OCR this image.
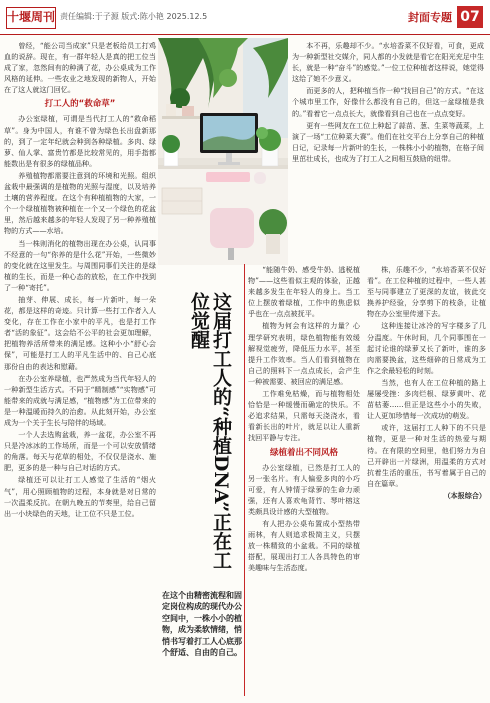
十堰周刊 责任编辑:于子源 版式:陈小艳 2025.12.5	封面专题 07

曾经，“能公司当成家”只是老板给员工打鸡血的说辞。现在，有一群年轻人是真的把工位当成了家，忽然间有的种满了花，办公桌成为工作风格的延伸。一些农业之地发现的新物人，开始在了这人就这门回忆。

打工人的“救命草”

办公室绿植，可谓是当代打工人的“救命稻草”。身为中国人，有谁不曾为绿色长出盘新那的，到了一定年纪就会种到各种绿植。多肉、绿萝、仙人掌、富贵竹都是比较常见的，用手指都能数出是有很多的绿植品种。

养殖植物都需要注意到的环境和光照。组织盆栽中最强调的是植物的光照与湿度，以及培养土壤的营养程度。在这个有种植植物的大家，一个一个绿植植物被种植在一个又一个绿色的花盆里，然后越来越多的年轻人发现了另一种养殖植物的方式——水培。

当一株则消化的植物出现在办公桌，认同事不经意的一句“你养的是什么花”开始，一些微妙的变化就在这里发生。与周围同事们关注的是绿植的生长，而是一种心态的放松，在工作中找到了一种“寄托”。

抽芽、伸展、成长，每一片新叶，每一朵花，都是这样的奇迹。只计算一些打工作者入人变化，存在工作在小家中的平凡，也是打工作者“活的象征”。这会给不公平的社会更加理解，把植物养活所带来的满足感。这种小小“舒心会保”，可能是打工人的平凡生活中的、自己心底那份自由的表达和慰藉。

在办公室养绿植，也严然成为当代年轻人的一种新型生活方式。不同于“精制感”“实物感”可能带来的成就与满足感，“植物感”为工位带来的是一种温暖而持久的治愈。从此刻开始，办公室成为一个关于生长与陪伴的场域。

一个人去选购盆栽，养一盆花，办公室不再只是冷冰冰的工作场所，而是一个可以安放情绪的角落。每天与花草的相处，不仅仅是浇水、施肥，更多的是一种与自己对话的方式。

绿植还可以让打工人感觉了生活的“烟火气”，用心照顾植物的过程，本身就是对日常的一次温柔反抗。在朝九晚五的节奏里，给自己留出一小块绿色的天地，让工位不只是工位。

本不再，乐趣却不少。“水培香菜不仅好看，可食，更成为一种新型社交媒介，同人都的小发就是看它在阳光充足中生长，就是一种“奋斗”的感觉。”一位工位种植者这样说，她觉得这给了她不少意义。

而更多的人，把种植当作一种“找回自己”的方式。“在这个城市里工作，好像什么都没有自己的，但这一盆绿植是我的。”看着它一点点长大，就像看到自己也在一点点变好。

更有一些网友在工位上种起了蒜苗、葱、生菜等蔬菜，上演了一场“工位种菜大赛”。他们在社交平台上分享自己的种植日记，记录每一片新叶的生长，一株株小小的植物，在格子间里茁壮成长，也成为了打工人之间相互鼓励的纽带。

这届打工人的“种植DNA”正在工位觉醒
在这个由精密流程和固定岗位构成的现代办公空间中，一株小小的植物，成为柔软情绪，悄悄书写着打工人心底那个舒适、自由的自己。

“能随牛奶、感受牛奶、逃税植物”——这些看似主观的体验，正越来越多发生在年轻人的身上。当工位上摆放着绿植，工作中的焦虑似乎也在一点点被抚平。

植物为何会有这样的力量？心理学研究表明，绿色植物能有效缓解视觉疲劳，降低压力水平，甚至提升工作效率。当人们看到植物在自己的照料下一点点成长，会产生一种被需要、被回应的满足感。

工作难免枯燥，而与植物相处恰恰是一种缓慢而确定的快乐。不必追求结果，只需每天浇浇水，看看新长出的叶片，就足以让人重新找回平静与专注。

绿植着出不同风格

办公室绿植，已然是打工人的另一张名片。有人偏爱多肉的小巧可爱，有人钟情于绿萝的生命力顽强，还有人喜欢龟背竹、琴叶榕这类颇具设计感的大型植物。

有人把办公桌布置成小型热带雨林，有人则追求极简主义，只摆放一株精致的小盆栽。不同的绿植搭配，展现出打工人各具特色的审美趣味与生活态度。

株，乐趣不少，“水培香菜不仅好看”。在工位种植的过程中，一些人甚至与同事建立了更深的友谊，彼此交换养护经验，分享剪下的枝条，让植物在办公室里传递下去。

这种连接让冰冷的写字楼多了几分温度。午休时间，几个同事围在一起讨论谁的绿萝又长了新叶，谁的多肉需要换盆，这些细碎的日常成为工作之余最轻松的时刻。

当然，也有人在工位种植的路上屡屡受挫：多肉烂根、绿萝黄叶、花苗枯萎……但正是这些小小的失败，让人更加珍惜每一次成功的萌发。

或许，这届打工人种下的不只是植物，更是一种对生活的热爱与期待。在有限的空间里，他们努力为自己开辟出一片绿洲，用温柔的方式对抗着生活的重压，书写着属于自己的自在篇章。

（本报综合）
